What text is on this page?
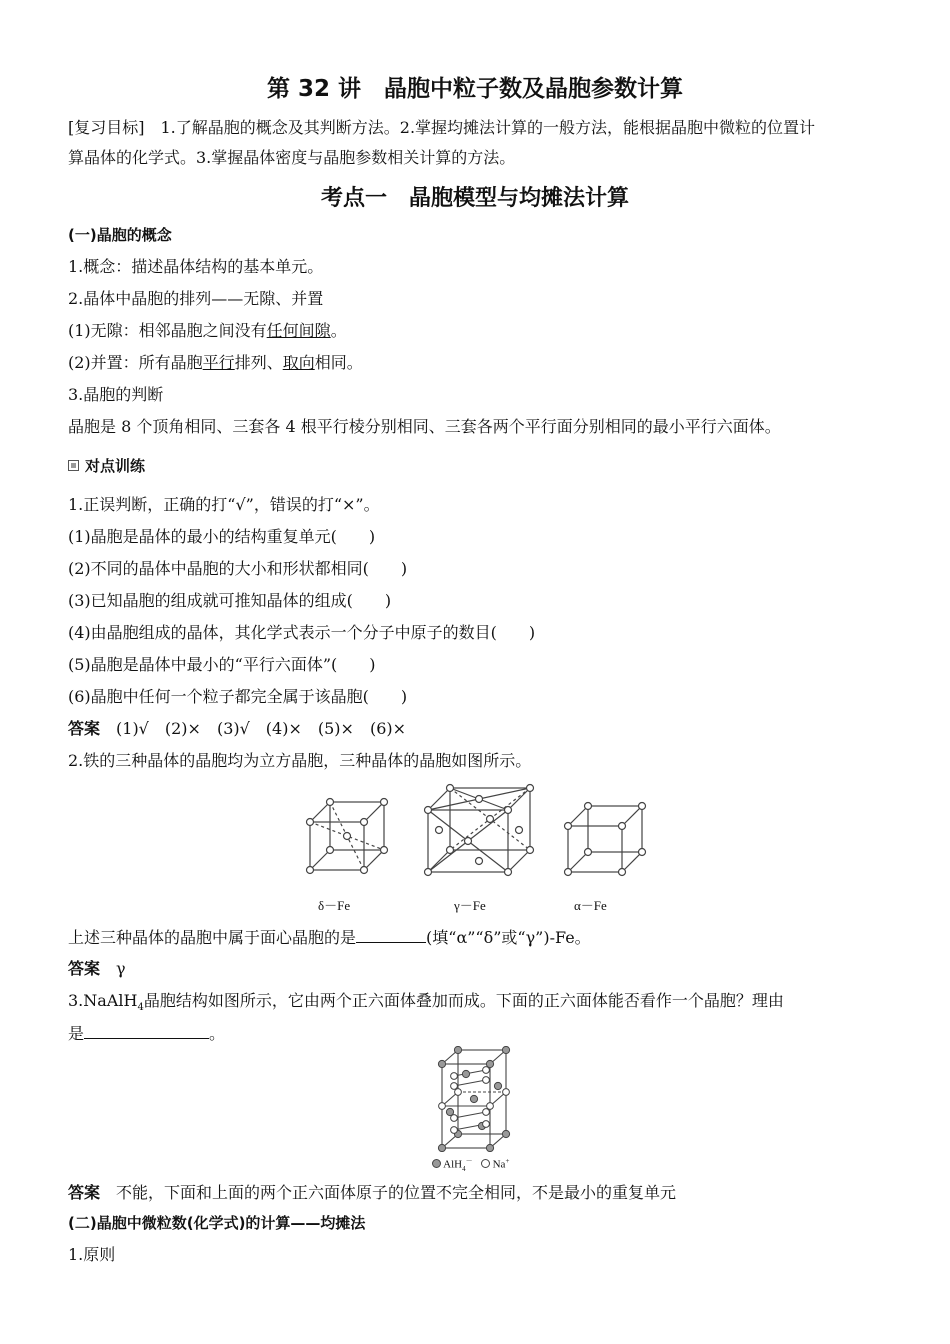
第 32 讲　晶胞中粒子数及晶胞参数计算
[复习目标]　1.了解晶胞的概念及其判断方法。2.掌握均摊法计算的一般方法，能根据晶胞中微粒的位置计
算晶体的化学式。3.掌握晶体密度与晶胞参数相关计算的方法。
考点一　晶胞模型与均摊法计算
(一)晶胞的概念
1.概念：描述晶体结构的基本单元。
2.晶体中晶胞的排列——无隙、并置
(1)无隙：相邻晶胞之间没有任何间隙。
(2)并置：所有晶胞平行排列、取向相同。
3.晶胞的判断
晶胞是 8 个顶角相同、三套各 4 根平行棱分别相同、三套各两个平行面分别相同的最小平行六面体。
对点训练
1.正误判断，正确的打“√”，错误的打“×”。
(1)晶胞是晶体的最小的结构重复单元(　　)
(2)不同的晶体中晶胞的大小和形状都相同(　　)
(3)已知晶胞的组成就可推知晶体的组成(　　)
(4)由晶胞组成的晶体，其化学式表示一个分子中原子的数目(　　)
(5)晶胞是晶体中最小的“平行六面体”(　　)
(6)晶胞中任何一个粒子都完全属于该晶胞(　　)
答案　(1)√　(2)×　(3)√　(4)×　(5)×　(6)×
2.铁的三种晶体的晶胞均为立方晶胞，三种晶体的晶胞如图所示。
δ－Fe	γ－Fe	α－Fe
上述三种晶体的晶胞中属于面心晶胞的是	(填“α”“δ”或“γ”)-Fe。
答案　γ
3.NaAlH$_4$晶胞结构如图所示，它由两个正六面体叠加而成。下面的正六面体能否看作一个晶胞？理由
是	。
AlH$_4$－ Na+
答案　不能，下面和上面的两个正六面体原子的位置不完全相同，不是最小的重复单元
(二)晶胞中微粒数(化学式)的计算——均摊法
1.原则
